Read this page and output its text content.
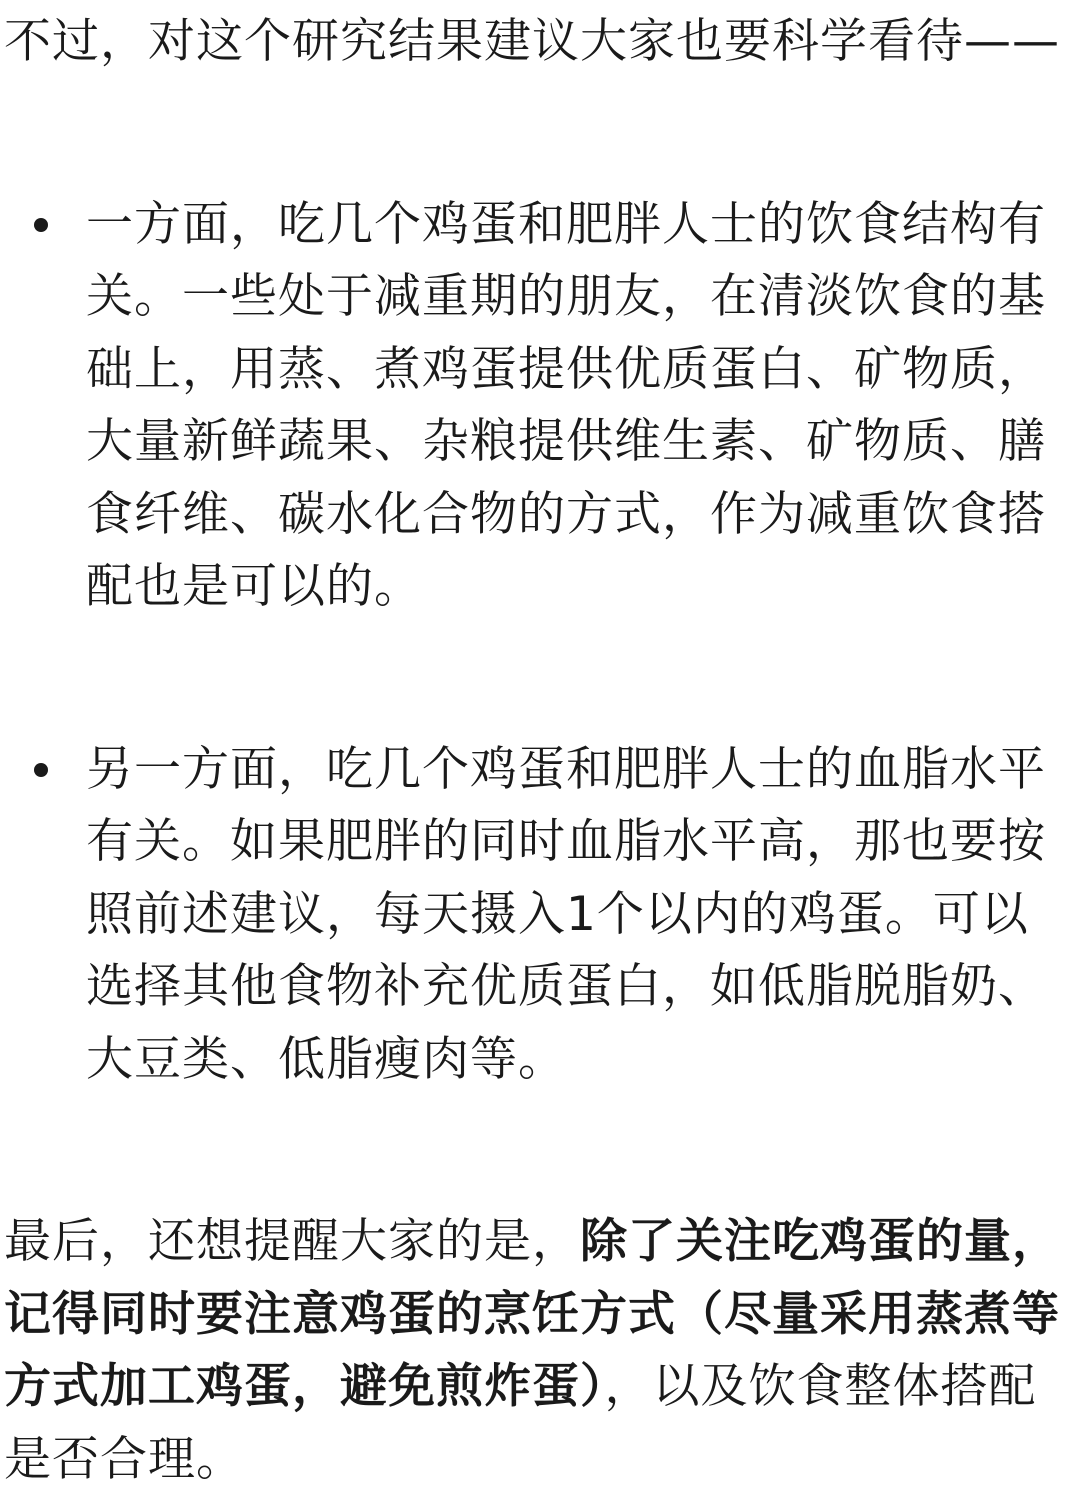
不过，对这个研究结果建议大家也要科学看待——

一方面，吃几个鸡蛋和肥胖人士的饮食结构有关。一些处于减重期的朋友，在清淡饮食的基础上，用蒸、煮鸡蛋提供优质蛋白、矿物质，大量新鲜蔬果、杂粮提供维生素、矿物质、膳食纤维、碳水化合物的方式，作为减重饮食搭配也是可以的。
另一方面，吃几个鸡蛋和肥胖人士的血脂水平有关。如果肥胖的同时血脂水平高，那也要按照前述建议，每天摄入1个以内的鸡蛋。可以选择其他食物补充优质蛋白，如低脂脱脂奶、大豆类、低脂瘦肉等。

最后，还想提醒大家的是，除了关注吃鸡蛋的量，记得同时要注意鸡蛋的烹饪方式（尽量采用蒸煮等方式加工鸡蛋，避免煎炸蛋），以及饮食整体搭配是否合理。
